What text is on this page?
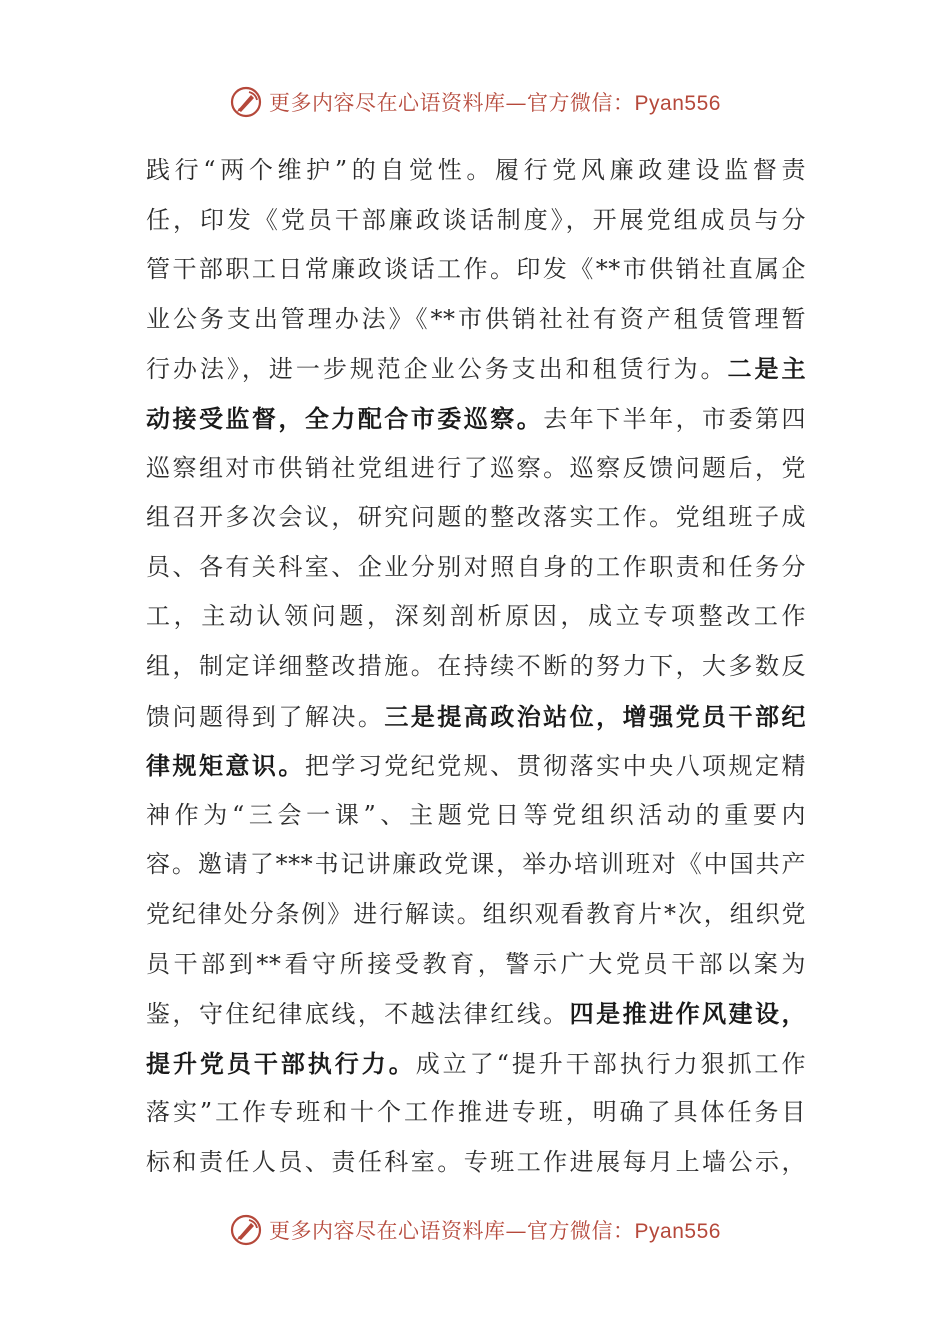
更多内容尽在心语资料库—官方微信：Pyan556
践行“两个维护”的自觉性。履行党风廉政建设监督责
任，印发《党员干部廉政谈话制度》，开展党组成员与分
管干部职工日常廉政谈话工作。印发《**市供销社直属企
业公务支出管理办法》《**市供销社社有资产租赁管理暂
行办法》，进一步规范企业公务支出和租赁行为。二是主
动接受监督，全力配合市委巡察。去年下半年，市委第四
巡察组对市供销社党组进行了巡察。巡察反馈问题后，党
组召开多次会议，研究问题的整改落实工作。党组班子成
员、各有关科室、企业分别对照自身的工作职责和任务分
工，主动认领问题，深刻剖析原因，成立专项整改工作
组，制定详细整改措施。在持续不断的努力下，大多数反
馈问题得到了解决。三是提高政治站位，增强党员干部纪
律规矩意识。把学习党纪党规、贯彻落实中央八项规定精
神作为“三会一课”、主题党日等党组织活动的重要内
容。邀请了***书记讲廉政党课，举办培训班对《中国共产
党纪律处分条例》进行解读。组织观看教育片*次，组织党
员干部到**看守所接受教育，警示广大党员干部以案为
鉴，守住纪律底线，不越法律红线。四是推进作风建设，
提升党员干部执行力。成立了“提升干部执行力狠抓工作
落实”工作专班和十个工作推进专班，明确了具体任务目
标和责任人员、责任科室。专班工作进展每月上墙公示，
更多内容尽在心语资料库—官方微信：Pyan556
